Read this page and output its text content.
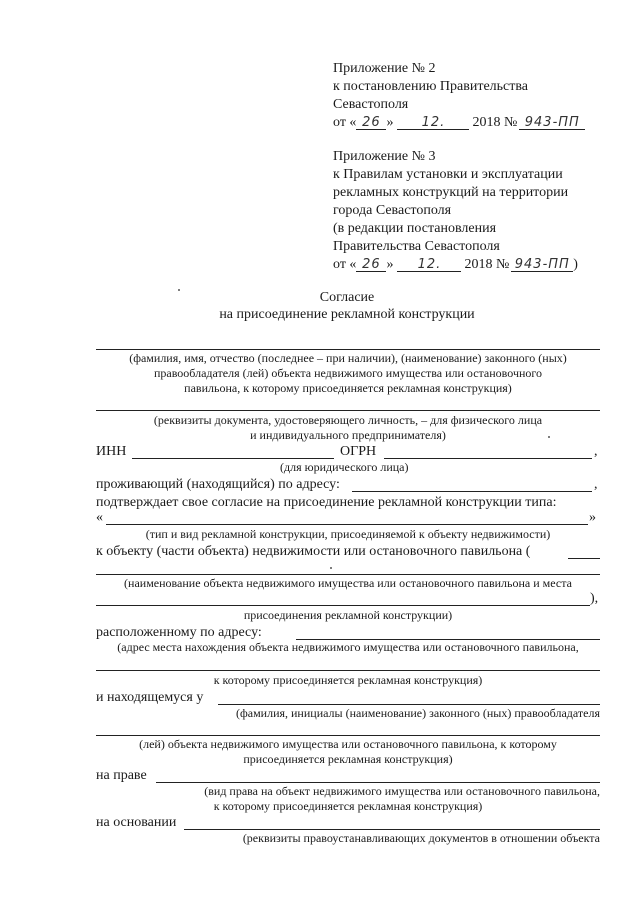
Приложение № 2
к постановлению Правительства
Севастополя
от « 26 » 12. 2018 № 943-ПП
Приложение № 3
к Правилам установки и эксплуатации
рекламных конструкций на территории
города Севастополя
(в редакции постановления
Правительства Севастополя
от « 26 » 12. 2018 № 943-ПП )
Согласие
на присоединение рекламной конструкции
(фамилия, имя, отчество (последнее – при наличии), (наименование) законного (ных)
правообладателя (лей) объекта недвижимого имущества или остановочного
павильона, к которому присоединяется рекламная конструкция)
(реквизиты документа, удостоверяющего личность, – для физического лица
и индивидуального предпринимателя)
ИНН	ОГРН	,
(для юридического лица)
проживающий (находящийся) по адресу:	,
подтверждает свое согласие на присоединение рекламной конструкции типа:
«	»
(тип и вид рекламной конструкции, присоединяемой к объекту недвижимости)
к объекту (части объекта) недвижимости или остановочного павильона (
(наименование объекта недвижимого имущества или остановочного павильона и места
),
присоединения рекламной конструкции)
расположенному по адресу:
(адрес места нахождения объекта недвижимого имущества или остановочного павильона,
к которому присоединяется рекламная конструкция)
и находящемуся у
(фамилия, инициалы (наименование) законного (ных) правообладателя
(лей) объекта недвижимого имущества или остановочного павильона, к которому
присоединяется рекламная конструкция)
на праве
(вид права на объект недвижимого имущества или остановочного павильона,
к которому присоединяется рекламная конструкция)
на основании
(реквизиты правоустанавливающих документов в отношении объекта
